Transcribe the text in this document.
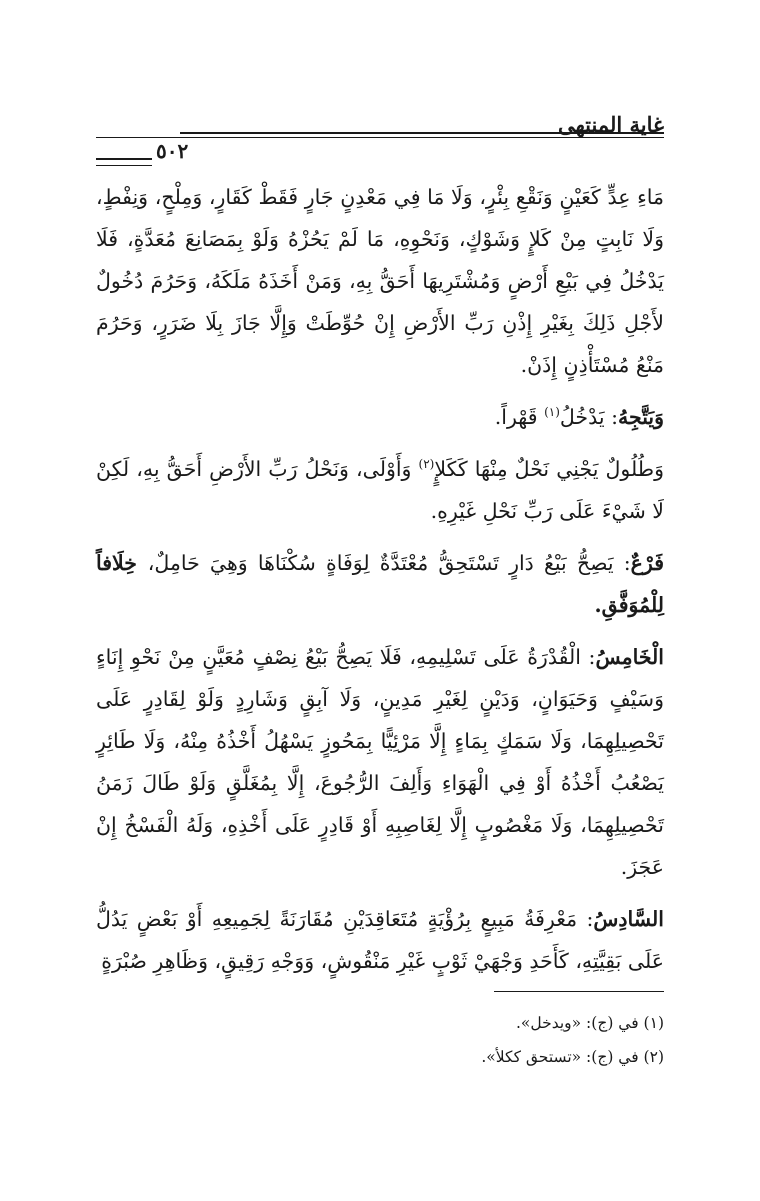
غاية المنتهى
٥٠٢

مَاءِ عِدٍّ كَعَيْنٍ وَنَقْعِ بِئْرٍ، وَلَا مَا فِي مَعْدِنٍ جَارٍ فَقَطْ كَقَارٍ، وَمِلْحٍ، وَنِفْطٍ، وَلَا نَابِتٍ مِنْ كَلإٍ وَشَوْكٍ، وَنَحْوِهِ، مَا لَمْ يَحُزْهُ وَلَوْ بِمَصَانِعَ مُعَدَّةٍ، فَلَا يَدْخُلُ فِي بَيْعِ أَرْضٍ وَمُشْتَرِيهَا أَحَقُّ بِهِ، وَمَنْ أَخَذَهُ مَلَكَهُ، وَحَرُمَ دُخُولٌ لأَجْلِ ذَلِكَ بِغَيْرِ إِذْنِ رَبِّ الأَرْضِ إِنْ حُوِّطَتْ وَإِلَّا جَازَ بِلَا ضَرَرٍ، وَحَرُمَ مَنْعُ مُسْتَأْذِنٍ إِذَنْ.

وَيَتَّجِهُ: يَدْخُلُ$^{(١)}$ قَهْراً.

وَطُلُولٌ يَجْنِي نَحْلٌ مِنْهَا كَكَلإٍ$^{(٢)}$ وَأَوْلَى، وَنَحْلُ رَبِّ الأَرْضِ أَحَقُّ بِهِ، لَكِنْ لَا شَيْءَ عَلَى رَبِّ نَحْلِ غَيْرِهِ.

فَرْعٌ: يَصِحُّ بَيْعُ دَارٍ تَسْتَحِقُّ مُعْتَدَّةٌ لِوَفَاةٍ سُكْنَاهَا وَهِيَ حَامِلٌ، خِلَافاً لِلْمُوَفَّقِ.

الْخَامِسُ: الْقُدْرَةُ عَلَى تَسْلِيمِهِ، فَلَا يَصِحُّ بَيْعُ نِصْفٍ مُعَيَّنٍ مِنْ نَحْوِ إِنَاءٍ وَسَيْفٍ وَحَيَوَانٍ، وَدَيْنٍ لِغَيْرِ مَدِينٍ، وَلَا آبِقٍ وَشَارِدٍ وَلَوْ لِقَادِرٍ عَلَى تَحْصِيلِهِمَا، وَلَا سَمَكٍ بِمَاءٍ إِلَّا مَرْئِيًّا بِمَحُوزٍ يَسْهُلُ أَخْذُهُ مِنْهُ، وَلَا طَائِرٍ يَصْعُبُ أَخْذُهُ أَوْ فِي الْهَوَاءِ وَأَلِفَ الرُّجُوعَ، إِلَّا بِمُغَلَّقٍ وَلَوْ طَالَ زَمَنُ تَحْصِيلِهِمَا، وَلَا مَغْصُوبٍ إِلَّا لِغَاصِبِهِ أَوْ قَادِرٍ عَلَى أَخْذِهِ، وَلَهُ الْفَسْخُ إِنْ عَجَزَ.

السَّادِسُ: مَعْرِفَةُ مَبِيعٍ بِرُؤْيَةٍ مُتَعَاقِدَيْنِ مُقَارَنَةً لِجَمِيعِهِ أَوْ بَعْضٍ يَدُلُّ عَلَى بَقِيَّتِهِ، كَأَحَدِ وَجْهَيْ ثَوْبٍ غَيْرِ مَنْقُوشٍ، وَوَجْهِ رَقِيقٍ، وَظَاهِرِ صُبْرَةٍ

(١) في (ج): «ويدخل».

(٢) في (ج): «تستحق ككلأ».
